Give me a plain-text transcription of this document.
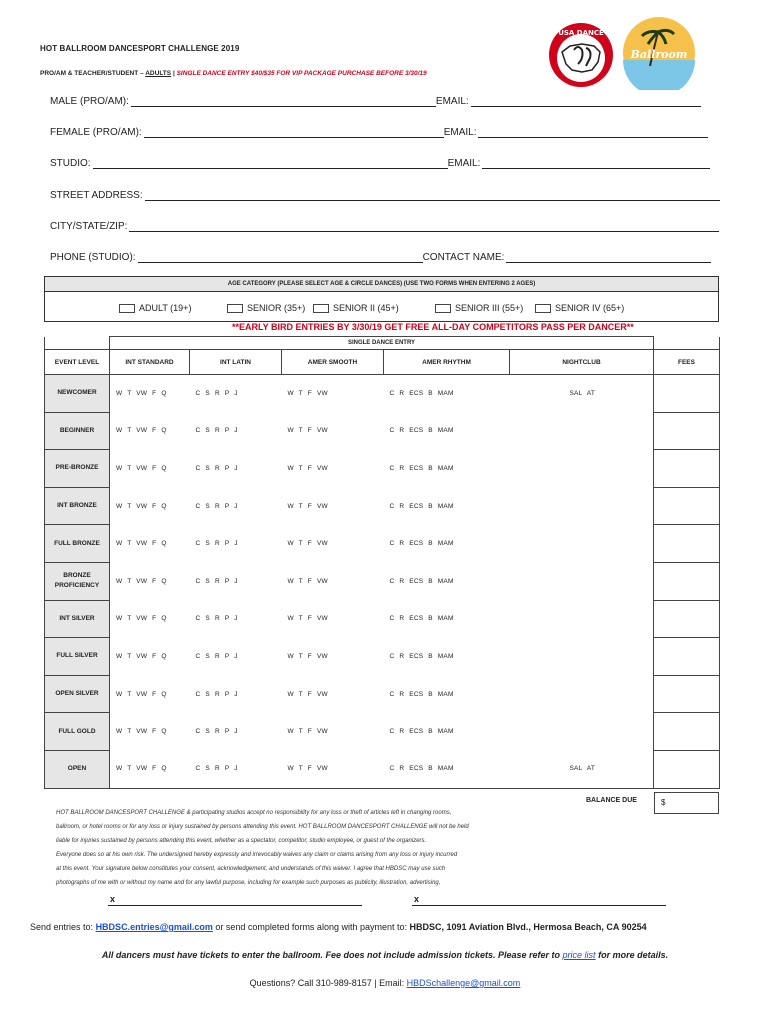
HOT BALLROOM DANCESPORT CHALLENGE 2019
PRO/AM & TEACHER/STUDENT – ADULTS | SINGLE DANCE ENTRY $40/$35 FOR VIP PACKAGE PURCHASE BEFORE 3/30/19
USA DANCE
Ballroom
MALE (PRO/AM):	EMAIL:
FEMALE (PRO/AM):	EMAIL:
STUDIO:	EMAIL:
STREET ADDRESS:
CITY/STATE/ZIP:
PHONE (STUDIO):	CONTACT NAME:
AGE CATEGORY (PLEASE SELECT AGE & CIRCLE DANCES) (USE TWO FORMS WHEN ENTERING 2 AGES)
ADULT (19+)	SENIOR (35+)	SENIOR II (45+)	SENIOR III (55+)	SENIOR IV (65+)
**EARLY BIRD ENTRIES BY 3/30/19 GET FREE ALL-DAY COMPETITORS PASS PER DANCER**
	SINGLE DANCE ENTRY					
EVENT LEVEL	INT STANDARD	INT LATIN	AMER SMOOTH	AMER RHYTHM	NIGHTCLUB	FEES

NEWCOMER	W T VW F Q	C S R P J	W T F VW	C R ECS B MAM	SAL AT	

BEGINNER	W T VW F Q	C S R P J	W T F VW	C R ECS B MAM		

PRE-BRONZE	W T VW F Q	C S R P J	W T F VW	C R ECS B MAM		

INT BRONZE	W T VW F Q	C S R P J	W T F VW	C R ECS B MAM		

FULL BRONZE	W T VW F Q	C S R P J	W T F VW	C R ECS B MAM		

BRONZE
PROFICIENCY	W T VW F Q	C S R P J	W T F VW	C R ECS B MAM		

INT SILVER	W T VW F Q	C S R P J	W T F VW	C R ECS B MAM		

FULL SILVER	W T VW F Q	C S R P J	W T F VW	C R ECS B MAM		

OPEN SILVER	W T VW F Q	C S R P J	W T F VW	C R ECS B MAM		

FULL GOLD	W T VW F Q	C S R P J	W T F VW	C R ECS B MAM		

OPEN	W T VW F Q	C S R P J	W T F VW	C R ECS B MAM	SAL AT	
BALANCE DUE	$
HOT BALLROOM DANCESPORT CHALLENGE & participating studios accept no responsibility for any loss or theft of articles left in changing rooms,
ballroom, or hotel rooms or for any loss or injury sustained by persons attending this event. HOT BALLROOM DANCESPORT CHALLENGE will not be held
liable for injuries sustained by persons attending this event, whether as a spectator, competitor, studio employee, or guest of the organizers.
Everyone does so at his own risk. The undersigned hereby expressly and irrevocably waives any claim or claims arising from any loss or injury incurred
at this event. Your signature below constitutes your consent, acknowledgement, and understands of this waiver. I agree that HBDSC may use such
photographs of me with or without my name and for any lawful purpose, including for example such purposes as publicity, illustration, advertising,
x	x
Send entries to: HBDSC.entries@gmail.com or send completed forms along with payment to: HBDSC, 1091 Aviation Blvd., Hermosa Beach, CA 90254
All dancers must have tickets to enter the ballroom. Fee does not include admission tickets. Please refer to price list for more details.
Questions? Call 310-989-8157 | Email: HBDSchallenge@gmail.com
